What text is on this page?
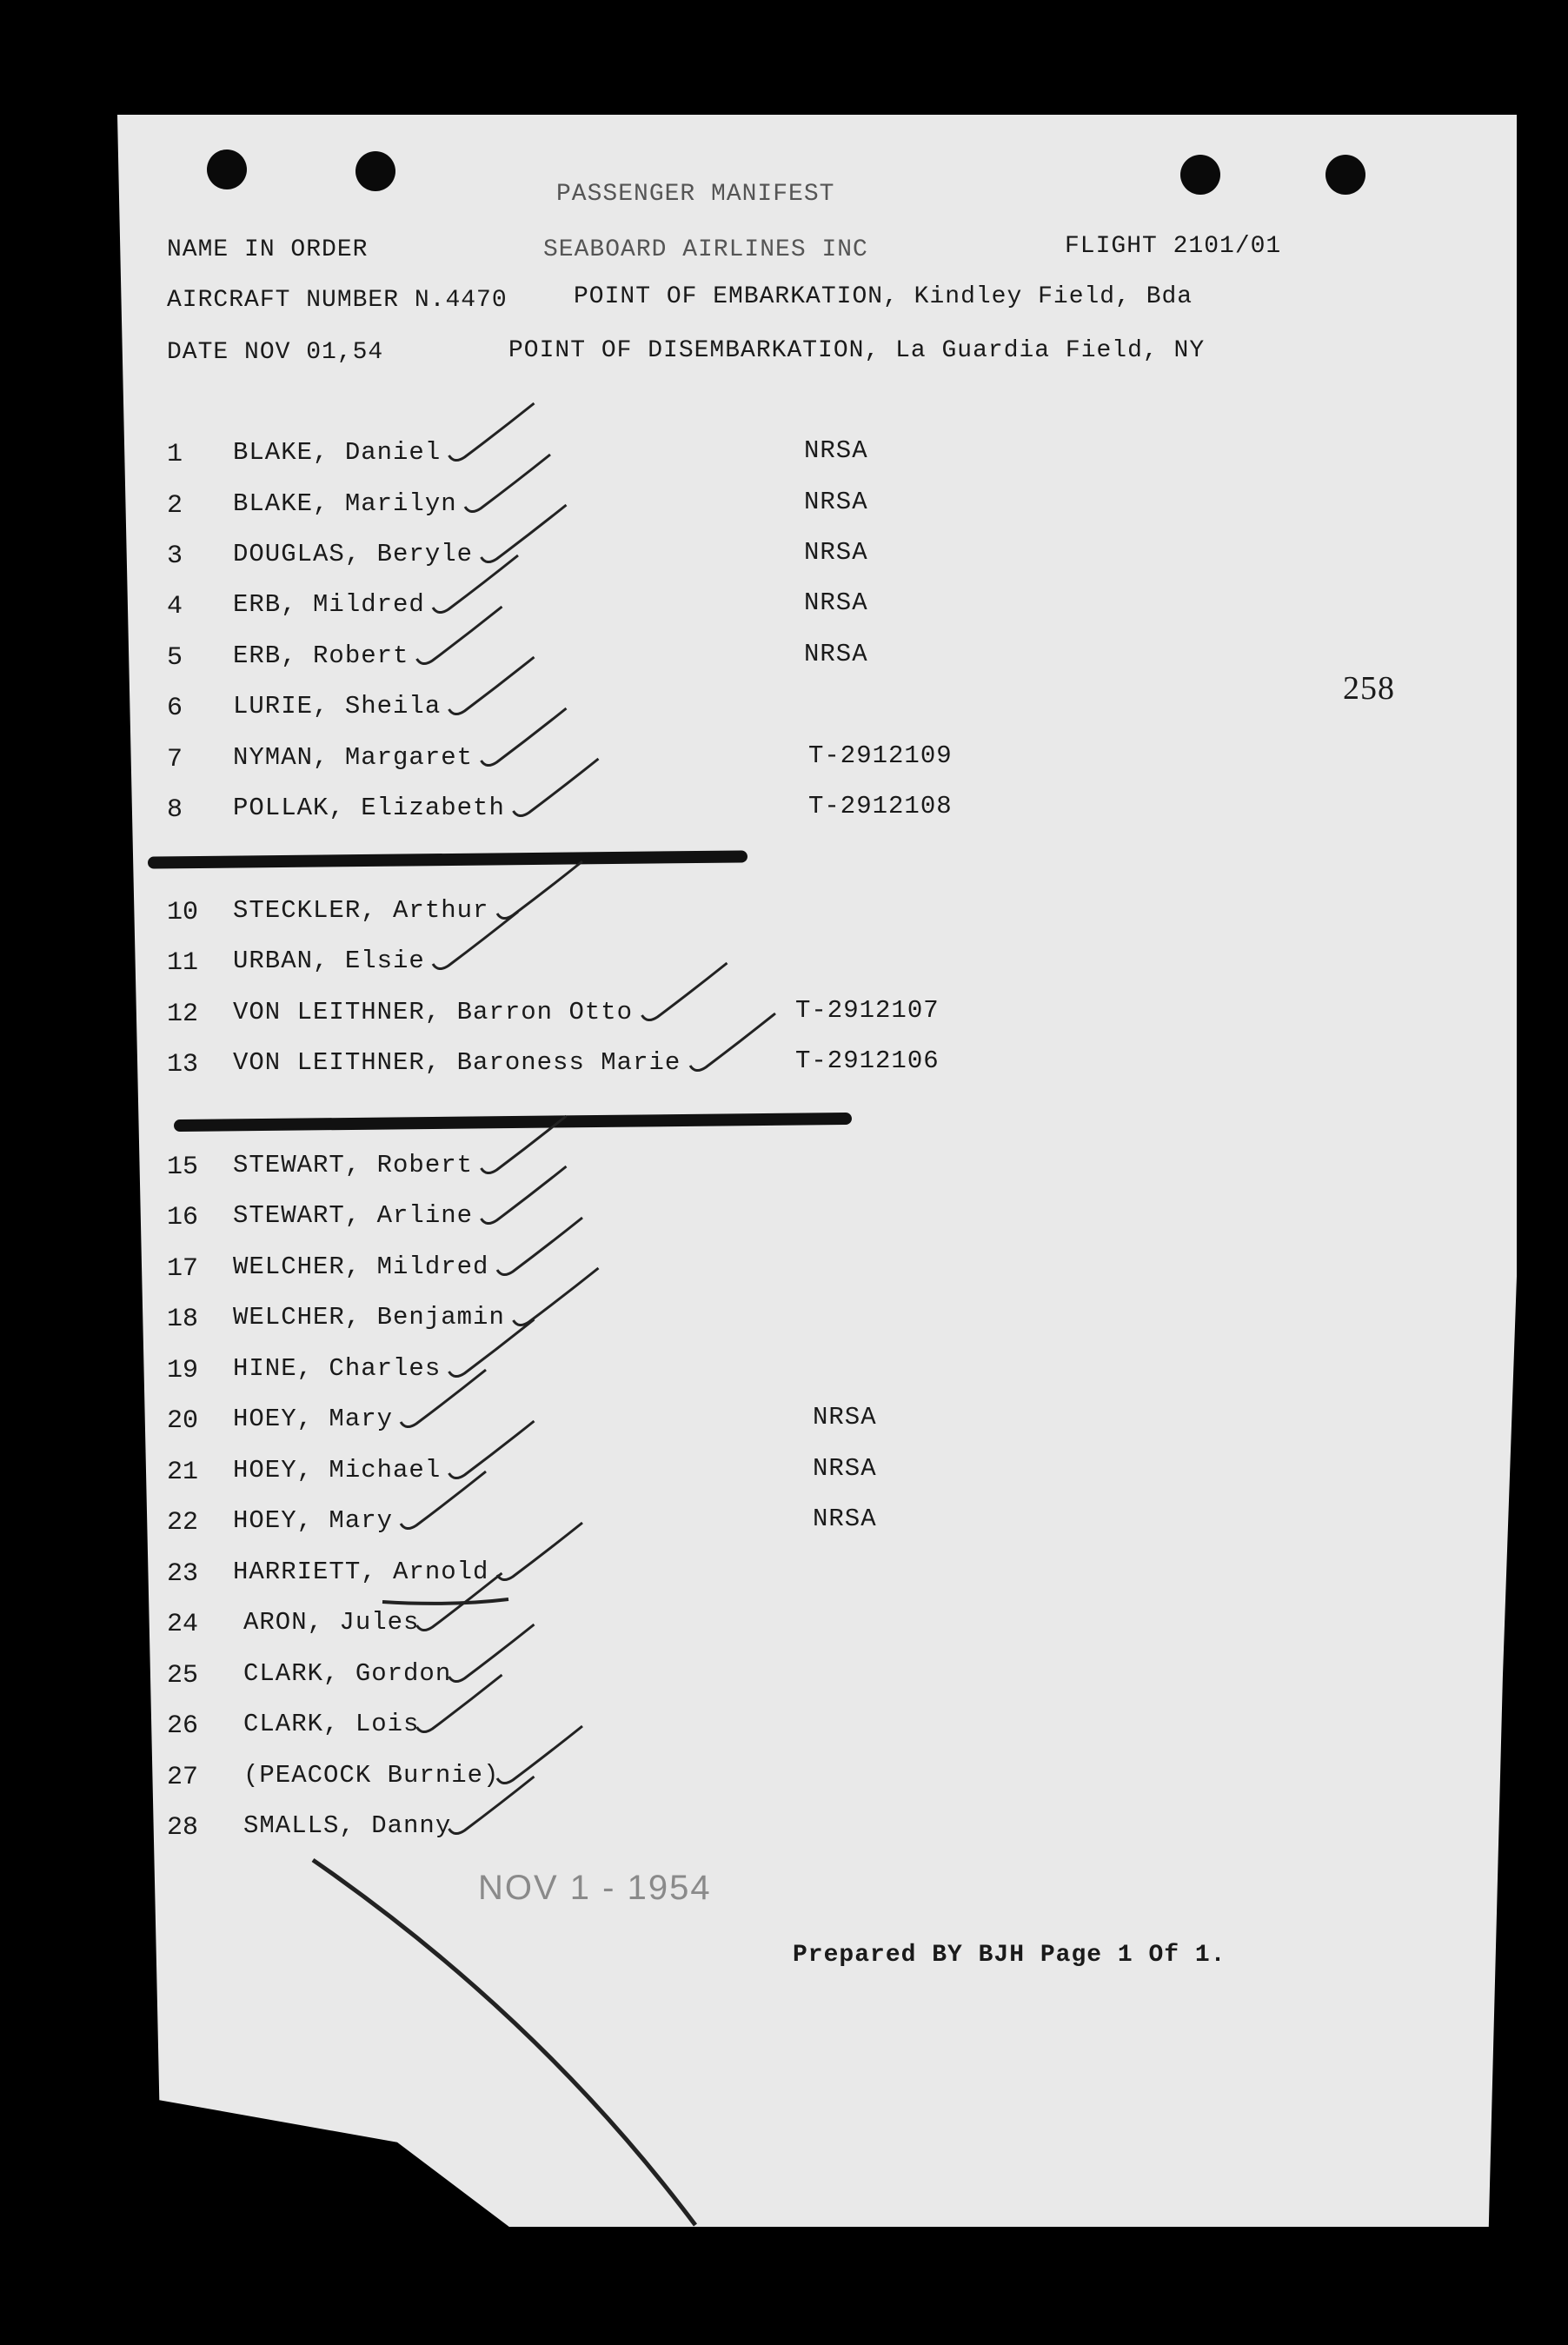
PASSENGER MANIFEST
NAME IN ORDER	SEABOARD AIRLINES INC	FLIGHT 2101/01
AIRCRAFT NUMBER N.4470	POINT OF EMBARKATION, Kindley Field, Bda
DATE NOV 01,54	POINT OF DISEMBARKATION, La Guardia Field, NY
258
1 BLAKE, Daniel	NRSA
2 BLAKE, Marilyn	NRSA
3 DOUGLAS, Beryle	NRSA
4 ERB, Mildred	NRSA
5 ERB, Robert	NRSA
6 LURIE, Sheila
7 NYMAN, Margaret	T-2912109
8 POLLAK, Elizabeth	T-2912108
10 STECKLER, Arthur
11 URBAN, Elsie
12 VON LEITHNER, Barron Otto	T-2912107
13 VON LEITHNER, Baroness Marie	T-2912106
15 STEWART, Robert
16 STEWART, Arline
17 WELCHER, Mildred
18 WELCHER, Benjamin
19 HINE, Charles
20 HOEY, Mary	NRSA
21 HOEY, Michael	NRSA
22 HOEY, Mary	NRSA
23 HARRIETT, Arnold
24 ARON, Jules
25 CLARK, Gordon
26 CLARK, Lois
27 (PEACOCK Burnie)
28 SMALLS, Danny
NOV 1 - 1954
Prepared BY BJH Page 1 Of 1.
